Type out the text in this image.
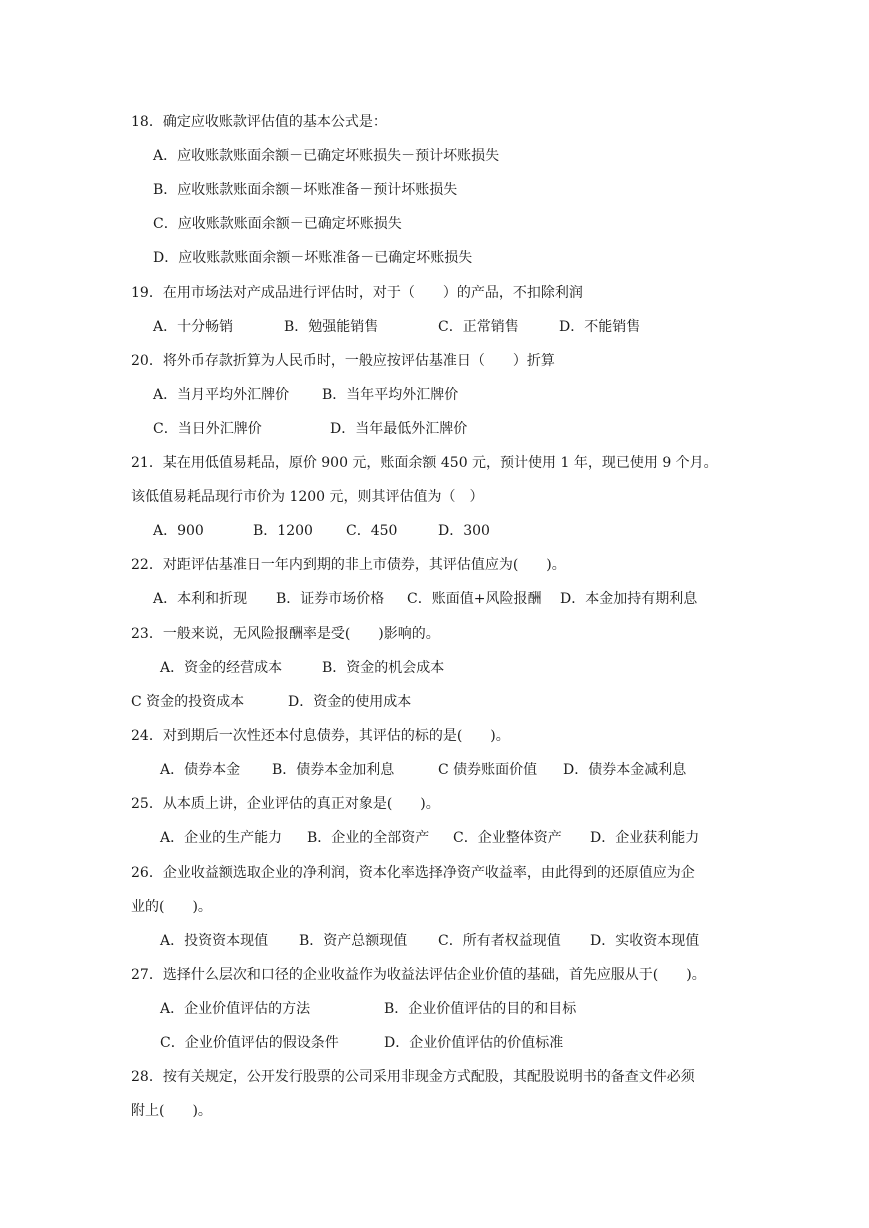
18．确定应收账款评估值的基本公式是：
A．应收账款账面余额－已确定坏账损失－预计坏账损失
B．应收账款账面余额－坏账准备－预计坏账损失
C．应收账款账面余额－已确定坏账损失
D．应收账款账面余额－坏账准备－已确定坏账损失
19．在用市场法对产成品进行评估时，对于（　　）的产品，不扣除利润
A．十分畅销	B．勉强能销售	C．正常销售	D．不能销售
20．将外币存款折算为人民币时，一般应按评估基准日（　　）折算
A．当月平均外汇牌价 B．当年平均外汇牌价
C．当日外汇牌价	D．当年最低外汇牌价
21．某在用低值易耗品，原价 900 元，账面余额 450 元，预计使用 1 年，现已使用 9 个月。
该低值易耗品现行市价为 1200 元，则其评估值为（　）
A．900	B．1200 C．450	D．300
22．对距评估基准日一年内到期的非上市债券，其评估值应为(　　)。
A．本利和折现 B．证券市场价格 C．账面值+风险报酬 D．本金加持有期利息
23．一般来说，无风险报酬率是受(　　)影响的。
A．资金的经营成本	B．资金的机会成本
C 资金的投资成本	D．资金的使用成本
24．对到期后一次性还本付息债券，其评估的标的是(　　)。
A．债券本金 B．债券本金加利息	C 债券账面价值 D．债券本金减利息
25．从本质上讲，企业评估的真正对象是(　　)。
A．企业的生产能力 B．企业的全部资产 C．企业整体资产 D．企业获利能力
26．企业收益额选取企业的净利润，资本化率选择净资产收益率，由此得到的还原值应为企
业的(　　)。
A．投资资本现值 B．资产总额现值 C．所有者权益现值 D．实收资本现值
27．选择什么层次和口径的企业收益作为收益法评估企业价值的基础，首先应服从于(　　)。
A．企业价值评估的方法	B．企业价值评估的目的和目标
C．企业价值评估的假设条件	D．企业价值评估的价值标准
28．按有关规定，公开发行股票的公司采用非现金方式配股，其配股说明书的备查文件必须
附上(　　)。
